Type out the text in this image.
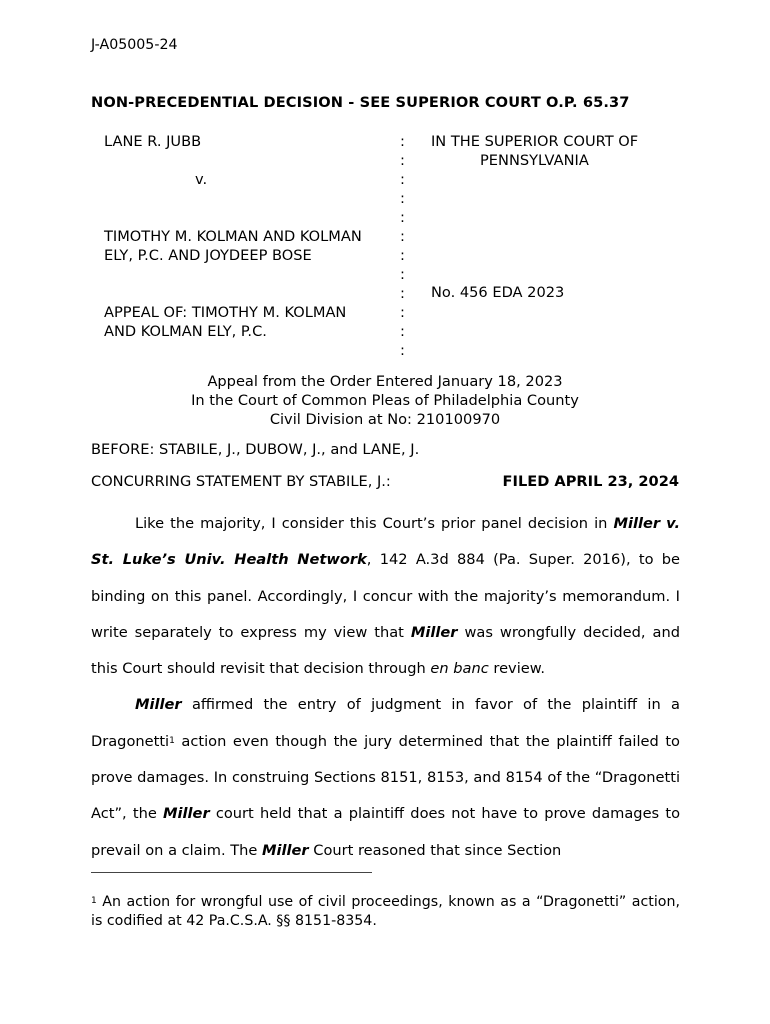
J-A05005-24
NON-PRECEDENTIAL DECISION - SEE SUPERIOR COURT O.P. 65.37
LANE R. JUBB
v.
TIMOTHY M. KOLMAN AND KOLMAN
ELY, P.C. AND JOYDEEP BOSE
APPEAL OF: TIMOTHY M. KOLMAN
AND KOLMAN ELY, P.C.
:
:
:
:
:
:
:
:
:
:
:
:
IN THE SUPERIOR COURT OF
PENNSYLVANIA
No. 456 EDA 2023
Appeal from the Order Entered January 18, 2023
In the Court of Common Pleas of Philadelphia County
Civil Division at No: 210100970
BEFORE: STABILE, J., DUBOW, J., and LANE, J.
CONCURRING STATEMENT BY STABILE, J.:	FILED APRIL 23, 2024

Like the majority, I consider this Court’s prior panel decision in Miller v. St. Luke’s Univ. Health Network, 142 A.3d 884 (Pa. Super. 2016), to be binding on this panel. Accordingly, I concur with the majority’s memorandum. I write separately to express my view that Miller was wrongfully decided, and this Court should revisit that decision through en banc review.

Miller affirmed the entry of judgment in favor of the plaintiff in a Dragonetti$^1$ action even though the jury determined that the plaintiff failed to prove damages. In construing Sections 8151, 8153, and 8154 of the “Dragonetti Act”, the Miller court held that a plaintiff does not have to prove damages to prevail on a claim. The Miller Court reasoned that since Section

$^1$ An action for wrongful use of civil proceedings, known as a “Dragonetti” action, is codified at 42 Pa.C.S.A. §§ 8151-8354.
